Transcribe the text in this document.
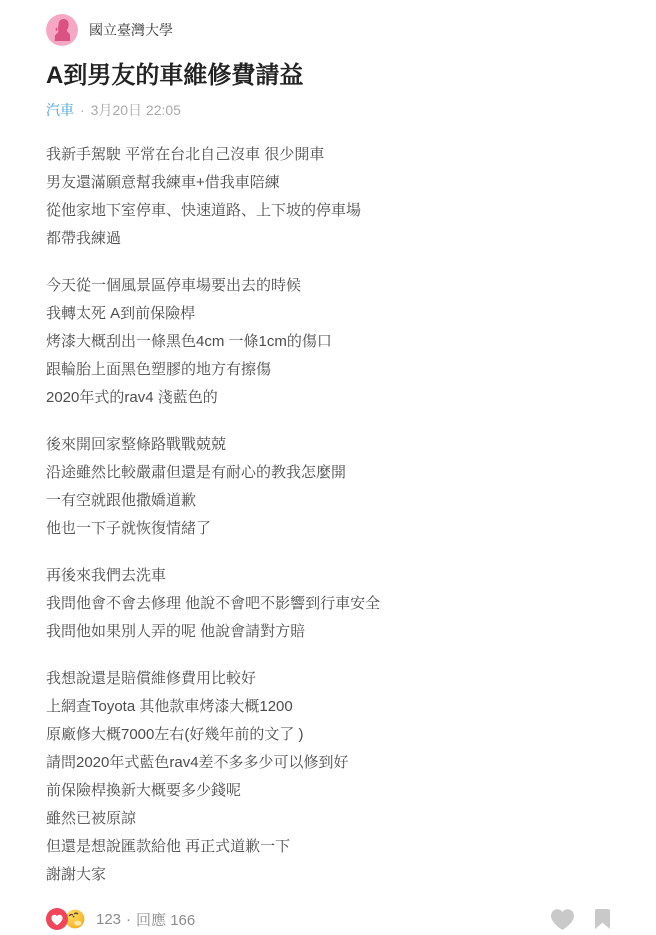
國立臺灣大學
A到男友的車維修費請益
汽車 · 3月20日 22:05

我新手駕駛 平常在台北自己沒車 很少開車
男友還滿願意幫我練車+借我車陪練
從他家地下室停車、快速道路、上下坡的停車場
都帶我練過

今天從一個風景區停車場要出去的時候
我轉太死 A到前保險桿
烤漆大概刮出一條黑色4cm 一條1cm的傷口
跟輪胎上面黑色塑膠的地方有擦傷
2020年式的rav4 淺藍色的

後來開回家整條路戰戰兢兢
沿途雖然比較嚴肅但還是有耐心的教我怎麼開
一有空就跟他撒嬌道歉
他也一下子就恢復情緒了

再後來我們去洗車
我問他會不會去修理 他說不會吧不影響到行車安全
我問他如果別人弄的呢 他說會請對方賠

我想說還是賠償維修費用比較好
上網查Toyota 其他款車烤漆大概1200
原廠修大概7000左右(好幾年前的文了 )
請問2020年式藍色rav4差不多多少可以修到好
前保險桿換新大概要多少錢呢
雖然已被原諒
但還是想說匯款給他 再正式道歉一下
謝謝大家

123 · 回應 166
